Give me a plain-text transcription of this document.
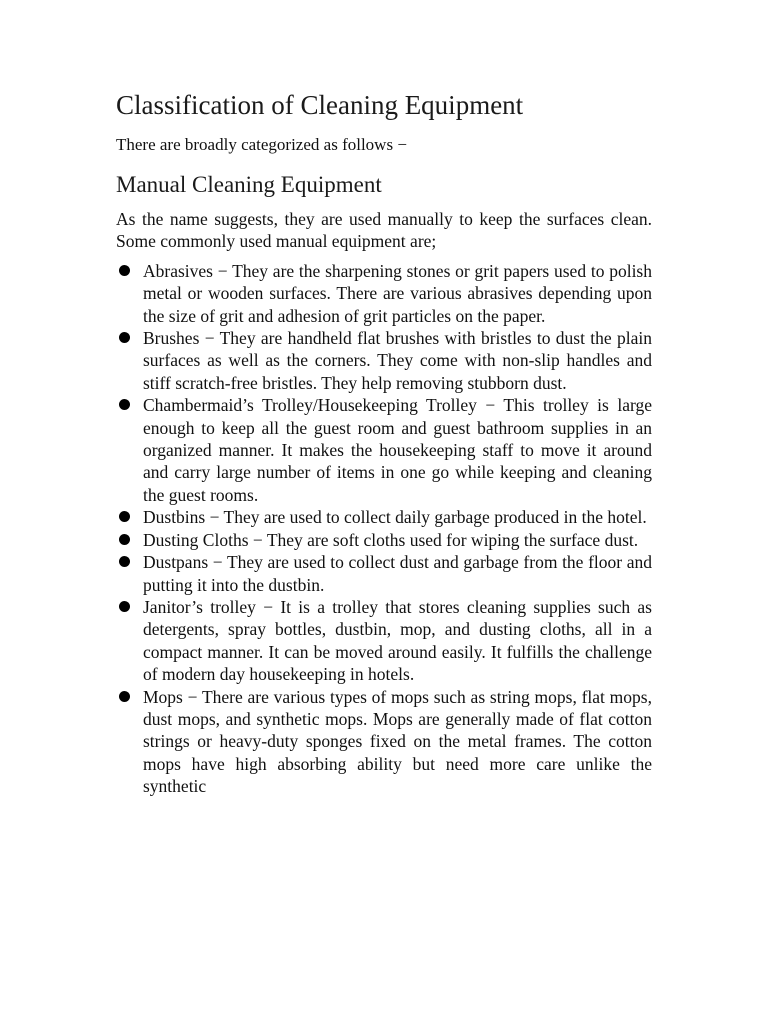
Classification of Cleaning Equipment

There are broadly categorized as follows −

Manual Cleaning Equipment

As the name suggests, they are used manually to keep the surfaces clean. Some commonly used manual equipment are;

Abrasives − They are the sharpening stones or grit papers used to polish metal or wooden surfaces. There are various abrasives depending upon the size of grit and adhesion of grit particles on the paper.
Brushes − They are handheld flat brushes with bristles to dust the plain surfaces as well as the corners. They come with non-slip handles and stiff scratch-free bristles. They help removing stubborn dust.
Chambermaid’s Trolley/Housekeeping Trolley − This trolley is large enough to keep all the guest room and guest bathroom supplies in an organized manner. It makes the housekeeping staff to move it around and carry large number of items in one go while keeping and cleaning the guest rooms.
Dustbins − They are used to collect daily garbage produced in the hotel.
Dusting Cloths − They are soft cloths used for wiping the surface dust.
Dustpans − They are used to collect dust and garbage from the floor and putting it into the dustbin.
Janitor’s trolley − It is a trolley that stores cleaning supplies such as detergents, spray bottles, dustbin, mop, and dusting cloths, all in a compact manner. It can be moved around easily. It fulfills the challenge of modern day housekeeping in hotels.
Mops − There are various types of mops such as string mops, flat mops, dust mops, and synthetic mops. Mops are generally made of flat cotton strings or heavy-duty sponges fixed on the metal frames. The cotton mops have high absorbing ability but need more care unlike the synthetic
